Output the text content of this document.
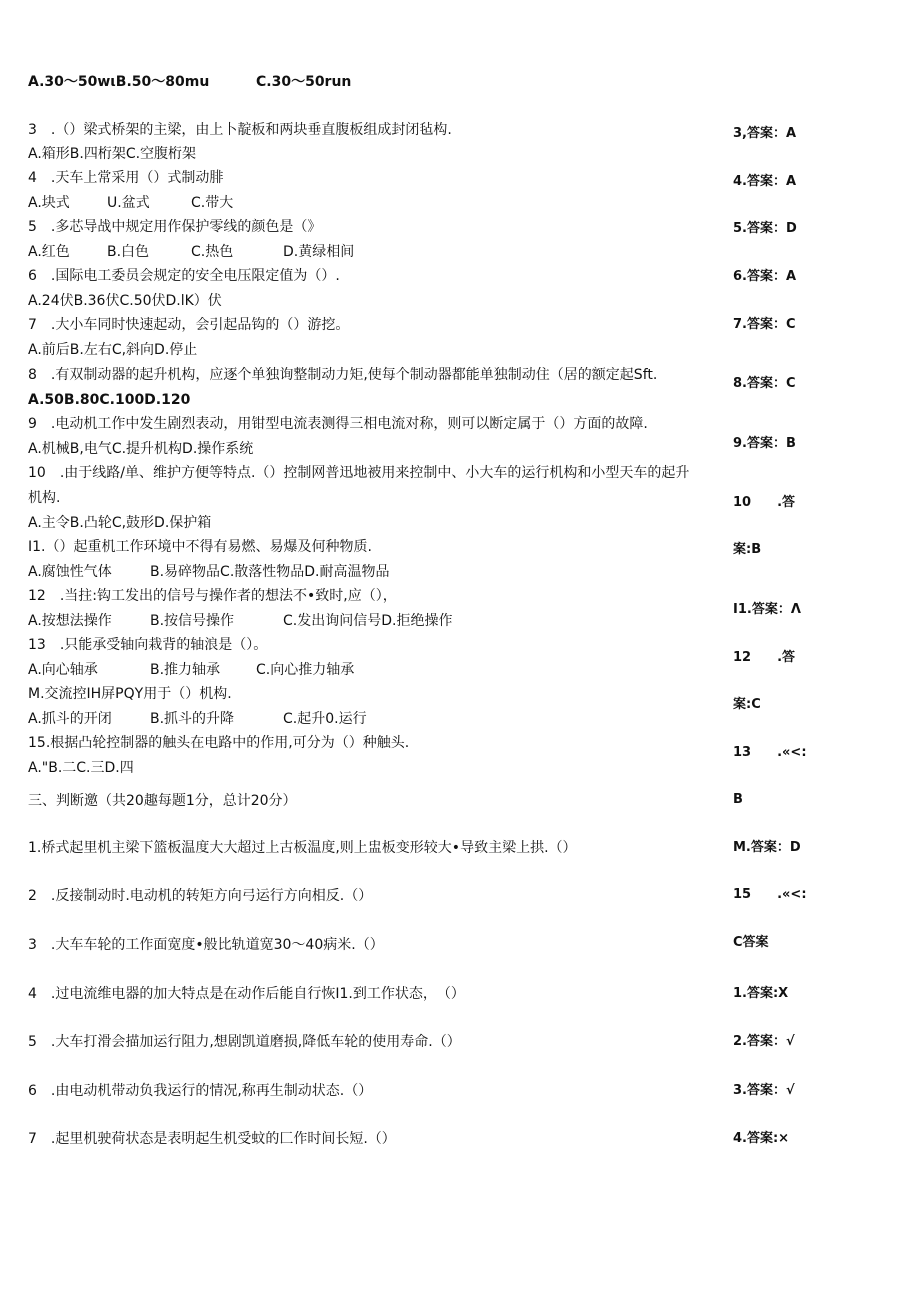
A.30～50wιB.50～80mu	C.30～50run
3　.（）梁式桥架的主梁，由上卜靛板和两块垂直腹板组成封闭毡构.
A.箱形B.四桁架C.空腹桁架
4　.天车上常采用（）式制动腓
A.块式	U.盆式	C.带大
5　.多芯导战中规定用作保护零线的颜色是（》
A.红色	B.白色	C.热色	D.黄绿相间
6　.国际电工委员会规定的安全电压限定值为（）.
A.24伏B.36伏C.50伏D.lK）伏
7　.大小车同时快速起动，会引起品钩的（）游挖。
A.前后B.左右C,斜向D.停止
8　.有双制动器的起升机构，应逐个单独询整制动力矩,使每个制动器都能单独制动住（居的额定起Sft.
A.50B.80C.100D.120
9　.电动机工作中发生剧烈表动，用钳型电流表测得三相电流对称，则可以断定属于（）方面的故障.
A.机械B,电气C.提升机构D.操作系统
10　.由于线路/单、维护方便等特点.（）控制网普迅地被用来控制中、小大车的运行机构和小型天车的起升
机构.
A.主令B.凸轮C,鼓形D.保护箱
I1.（）起重机工作环境中不得有易燃、易爆及何种物质.
A.腐蚀性气体	B.易碎物品C.散落性物品D.耐高温物品
12　.当拄:钩工发出的信号与操作者的想法不•致时,应（），
A.按想法操作	B.按信号操作	C.发出询问信号D.拒绝操作
13　.只能承受轴向栽背的轴浪是（）。
A.向心轴承	B.推力轴承	C.向心推力轴承
M.交流控IH屏PQY用于（）机构.
A.抓斗的开闭	B.抓斗的升降	C.起升0.运行
15.根据凸轮控制器的触头在电路中的作用,可分为（）种触头.
A."B.二C.三D.四
三、判断邀（共20趣每题1分，总计20分）
1.桥式起里机主梁下篮板温度大大超过上古板温度,则上盅板变形较大•导致主梁上拱.（）
2　.反接制动时.电动机的转矩方向弓运行方向相反.（）
3　.大车车轮的工作面宽度•般比轨道宽30～40病米.（）
4　.过电流维电器的加大特点是在动作后能自行恢I1.到工作状态，　（）
5　.大车打滑会描加运行阻力,想剧凯道磨损,降低车轮的使用寿命.（）
6　.由电动机带动负我运行的情况,称再生制动状态.（）
7　.起里机驶荷状态是表明起生机受蚊的匚作时间长短.（）
3,答案：A
4.答案：A
5.答案：D
6.答案：A
7.答案：C
8.答案：C
9.答案：B
10　　.答
案:B
I1.答案：Λ
12　　.答
案:C
13　　.«<:
B
M.答案：D
15　　.«<:
C答案
1.答案:X
2.答案：√
3.答案：√
4.答案:×
